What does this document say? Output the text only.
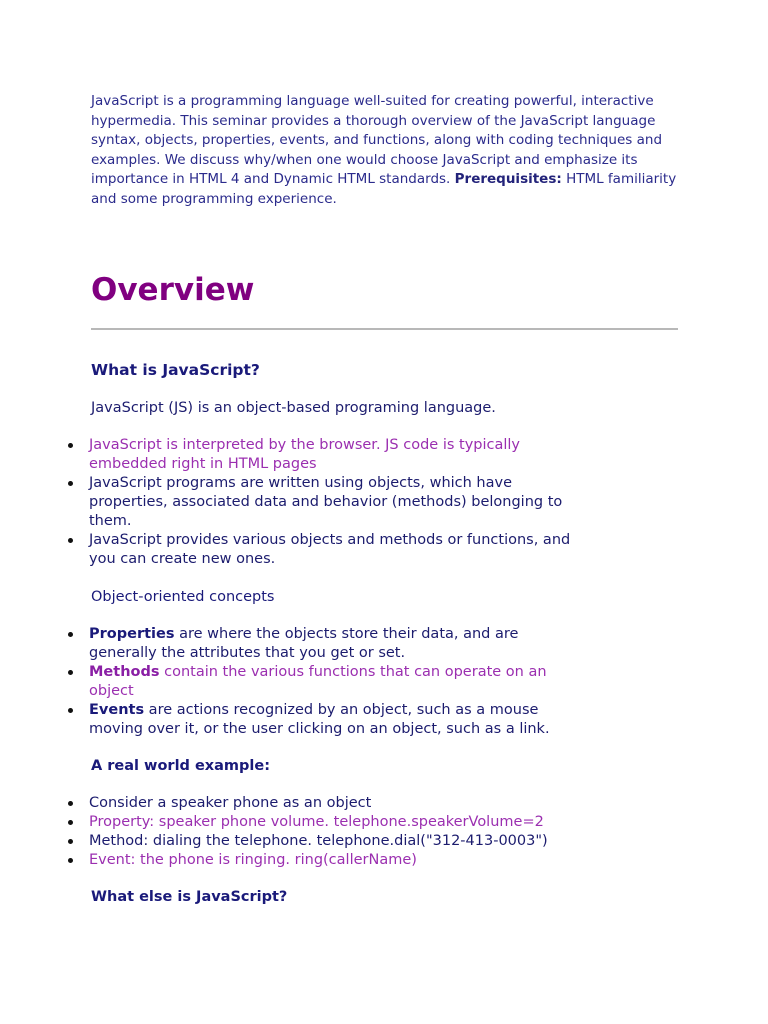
JavaScript is a programming language well-suited for creating powerful, interactive hypermedia. This seminar provides a thorough overview of the JavaScript language syntax, objects, properties, events, and functions, along with coding techniques and examples. We discuss why/when one would choose JavaScript and emphasize its importance in HTML 4 and Dynamic HTML standards. Prerequisites: HTML familiarity and some programming experience.

Overview
What is JavaScript?

JavaScript (JS) is an object-based programing language.

JavaScript is interpreted by the browser. JS code is typically embedded right in HTML pages
JavaScript programs are written using objects, which have properties, associated data and behavior (methods) belonging to them.
JavaScript provides various objects and methods or functions, and you can create new ones.
Object-oriented concepts
Properties are where the objects store their data, and are generally the attributes that you get or set.
Methods contain the various functions that can operate on an object
Events are actions recognized by an object, such as a mouse moving over it, or the user clicking on an object, such as a link.
A real world example:
Consider a speaker phone as an object
Property: speaker phone volume. telephone.speakerVolume=2
Method: dialing the telephone. telephone.dial("312-413-0003")
Event: the phone is ringing. ring(callerName)
What else is JavaScript?
